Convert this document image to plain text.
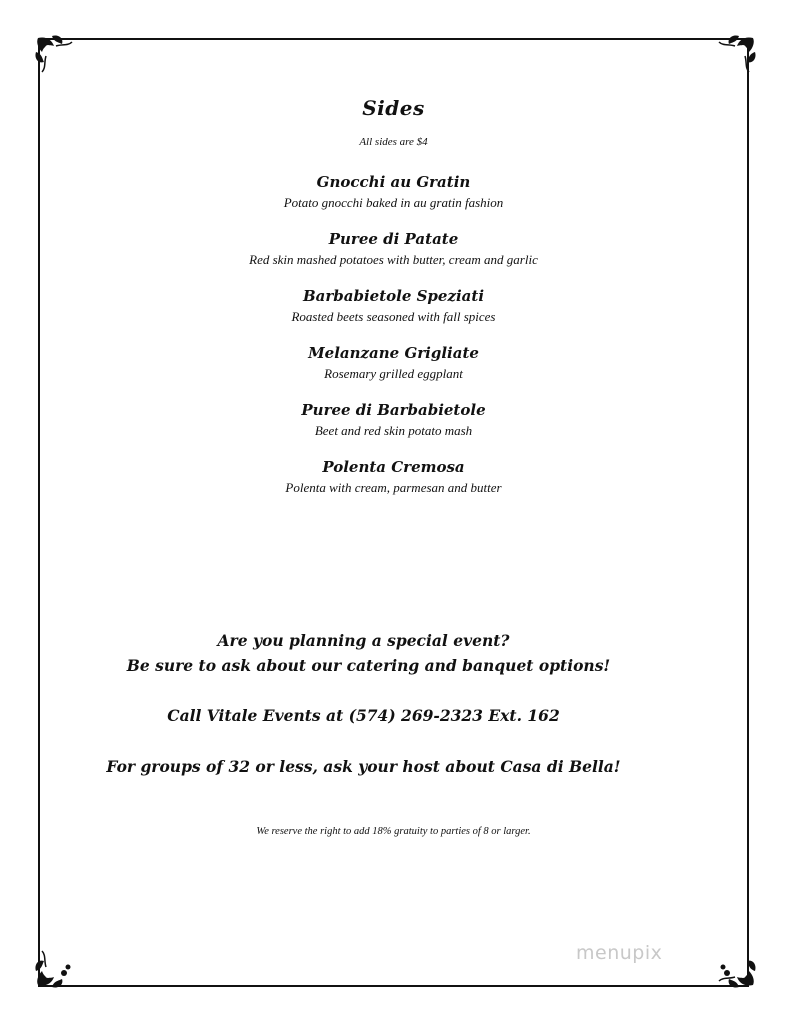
Sides
All sides are $4
Gnocchi au Gratin
Potato gnocchi baked in au gratin fashion
Puree di Patate
Red skin mashed potatoes with butter, cream and garlic
Barbabietole Speziati
Roasted beets seasoned with fall spices
Melanzane Grigliate
Rosemary grilled eggplant
Puree di Barbabietole
Beet and red skin potato mash
Polenta Cremosa
Polenta with cream, parmesan and butter
Are you planning a special event?
Be sure to ask about our catering and banquet options!
Call Vitale Events at (574) 269-2323 Ext. 162
For groups of 32 or less, ask your host about Casa di Bella!
We reserve the right to add 18% gratuity to parties of 8 or larger.
menupix
